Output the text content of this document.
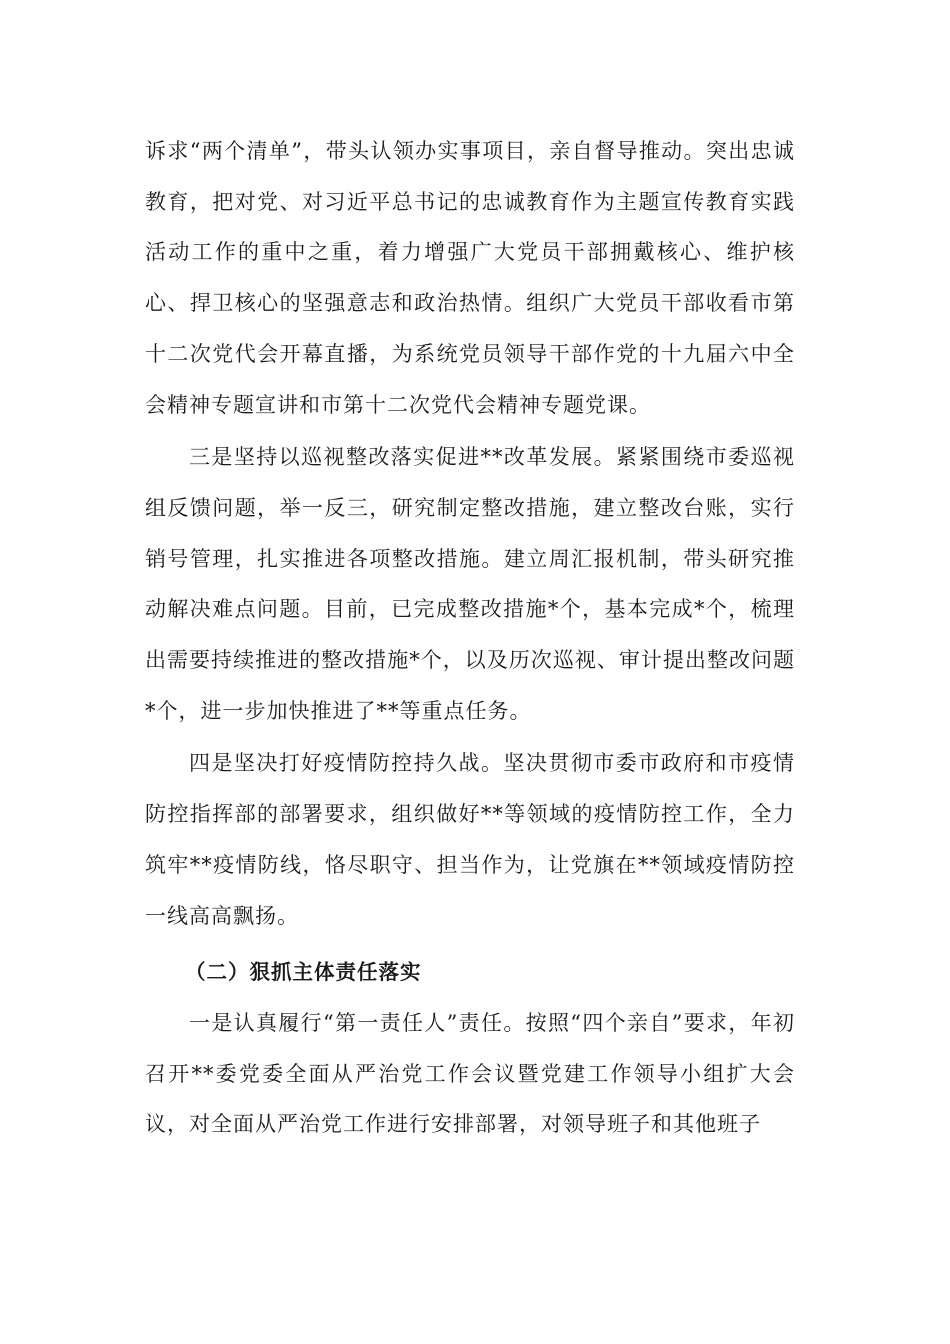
诉求“两个清单”，带头认领办实事项目，亲自督导推动。突出忠诚教育，把对党、对习近平总书记的忠诚教育作为主题宣传教育实践活动工作的重中之重，着力增强广大党员干部拥戴核心、维护核心、捍卫核心的坚强意志和政治热情。组织广大党员干部收看市第十二次党代会开幕直播，为系统党员领导干部作党的十九届六中全会精神专题宣讲和市第十二次党代会精神专题党课。

三是坚持以巡视整改落实促进**改革发展。紧紧围绕市委巡视组反馈问题，举一反三，研究制定整改措施，建立整改台账，实行销号管理，扎实推进各项整改措施。建立周汇报机制，带头研究推动解决难点问题。目前，已完成整改措施*个，基本完成*个，梳理出需要持续推进的整改措施*个，以及历次巡视、审计提出整改问题*个，进一步加快推进了**等重点任务。

四是坚决打好疫情防控持久战。坚决贯彻市委市政府和市疫情防控指挥部的部署要求，组织做好**等领域的疫情防控工作，全力筑牢**疫情防线，恪尽职守、担当作为，让党旗在**领域疫情防控一线高高飘扬。

（二）狠抓主体责任落实

一是认真履行“第一责任人”责任。按照“四个亲自”要求，年初召开**委党委全面从严治党工作会议暨党建工作领导小组扩大会议，对全面从严治党工作进行安排部署，对领导班子和其他班子
